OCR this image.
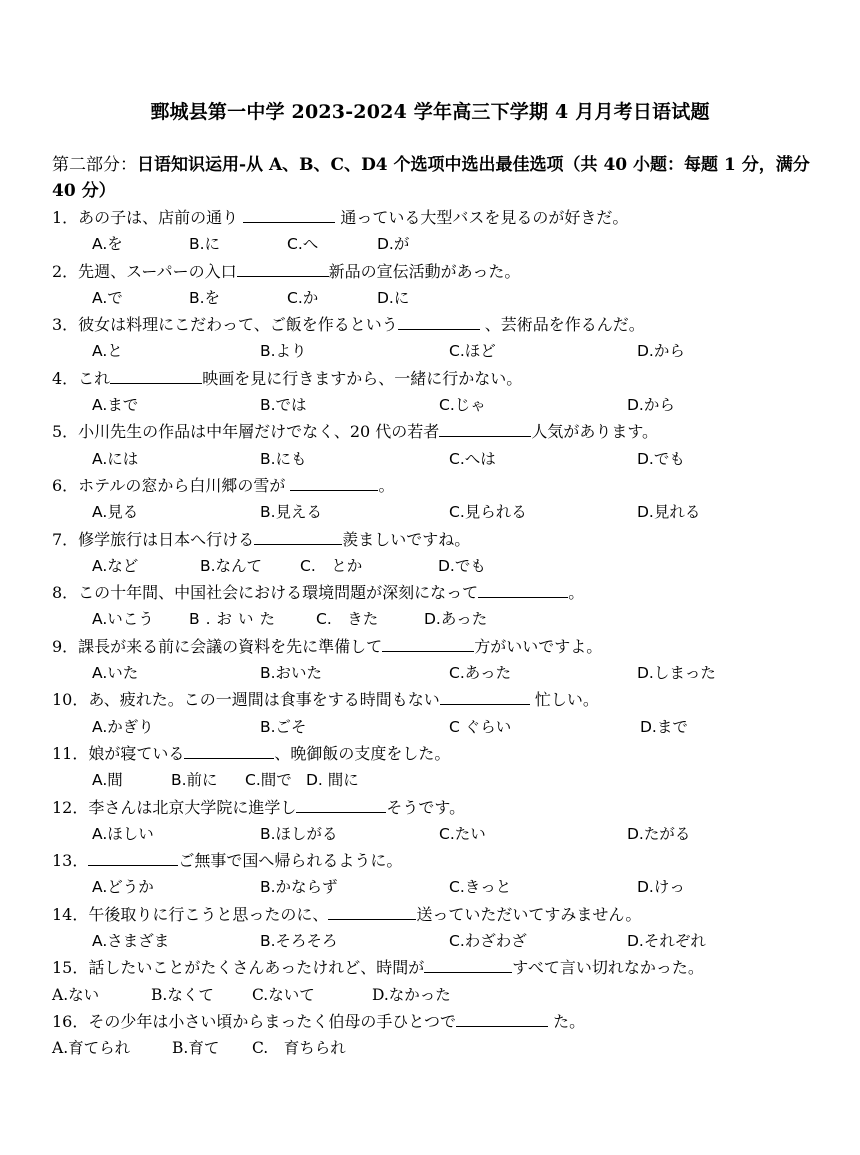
鄄城县第一中学 2023-2024 学年高三下学期 4 月月考日语试题
第二部分：日语知识运用-从 A、B、C、D4 个选项中选出最佳选项（共 40 小题：每题 1 分，满分 40 分）
1．あの子は、店前の通り	通っている大型バスを見るのが好きだ。
A.を	B.に	C.へ	D.が
2．先週、スーパーの入口	新品の宣伝活動があった。
A.で	B.を	C.か	D.に
3．彼女は料理にこだわって、ご飯を作るという	、芸術品を作るんだ。
A.と	B.より	C.ほど	D.から
4．これ	映画を見に行きますから、一緒に行かない。
A.まで	B.では	C.じゃ	D.から
5．小川先生の作品は中年層だけでなく、20 代の若者	人気があります。
A.には	B.にも	C.へは	D.でも
6．ホテルの窓から白川郷の雪が	。
A.見る	B.見える	C.見られる	D.見れる
7．修学旅行は日本へ行ける	羨ましいですね。
A.など	B.なんて C.　とか	D.でも
8．この十年間、中国社会における環境問題が深刻になって	。
A.いこう B.おいた C.　きた	D.あった
9．課長が来る前に会議の資料を先に準備して	方がいいですよ。
A.いた	B.おいた	C.あった	D.しまった
10．あ、疲れた。この一週間は食事をする時間もない	忙しい。
A.かぎり	B.ごそ	C ぐらい	D.まで
11．娘が寝ている	、晩御飯の支度をした。
A.間	B.前に C.間で D. 間に
12．李さんは北京大学院に進学し	そうです。
A.ほしい	B.ほしがる	C.たい	D.たがる
13．	ご無事で国へ帰られるように。
A.どうか	B.かならず	C.きっと	D.けっ
14．午後取りに行こうと思ったのに、	送っていただいてすみません。
A.さまざま	B.そろそろ	C.わざわざ	D.それぞれ
15．話したいことがたくさんあったけれど、時間が	すべて言い切れなかった。
A.ない	B.なくて C.ないて	D.なかった
16．その少年は小さい頃からまったく伯母の手ひとつで	た。
A.育てられ	B.育て C.　育ちられ
